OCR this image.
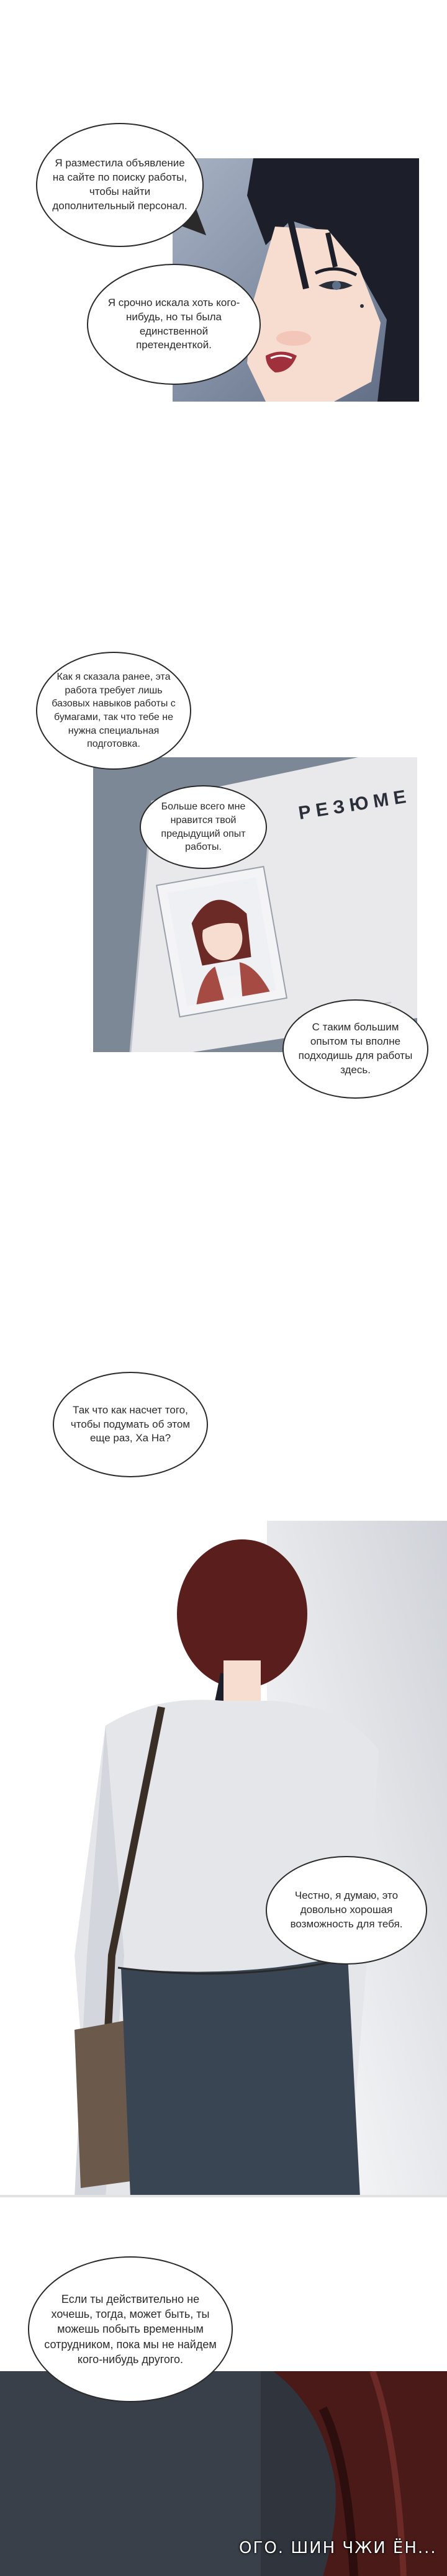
Я разместила объявление на сайте по поиску работы, чтобы найти дополнительный персонал.
Я срочно искала хоть кого-нибудь, но ты была единственной претенденткой.
РЕЗЮМЕ
Как я сказала ранее, эта работа требует лишь базовых навыков работы с бумагами, так что тебе не нужна специальная подготовка.
Больше всего мне нравится твой предыдущий опыт работы.
С таким большим опытом ты вполне подходишь для работы здесь.
Так что как насчет того, чтобы подумать об этом еще раз, Ха На?
Честно, я думаю, это довольно хорошая возможность для тебя.
Если ты действительно не хочешь, тогда, может быть, ты можешь побыть временным сотрудником, пока мы не найдем кого-нибудь другого.
ОГО. ШИН ЧЖИ ЁН...
